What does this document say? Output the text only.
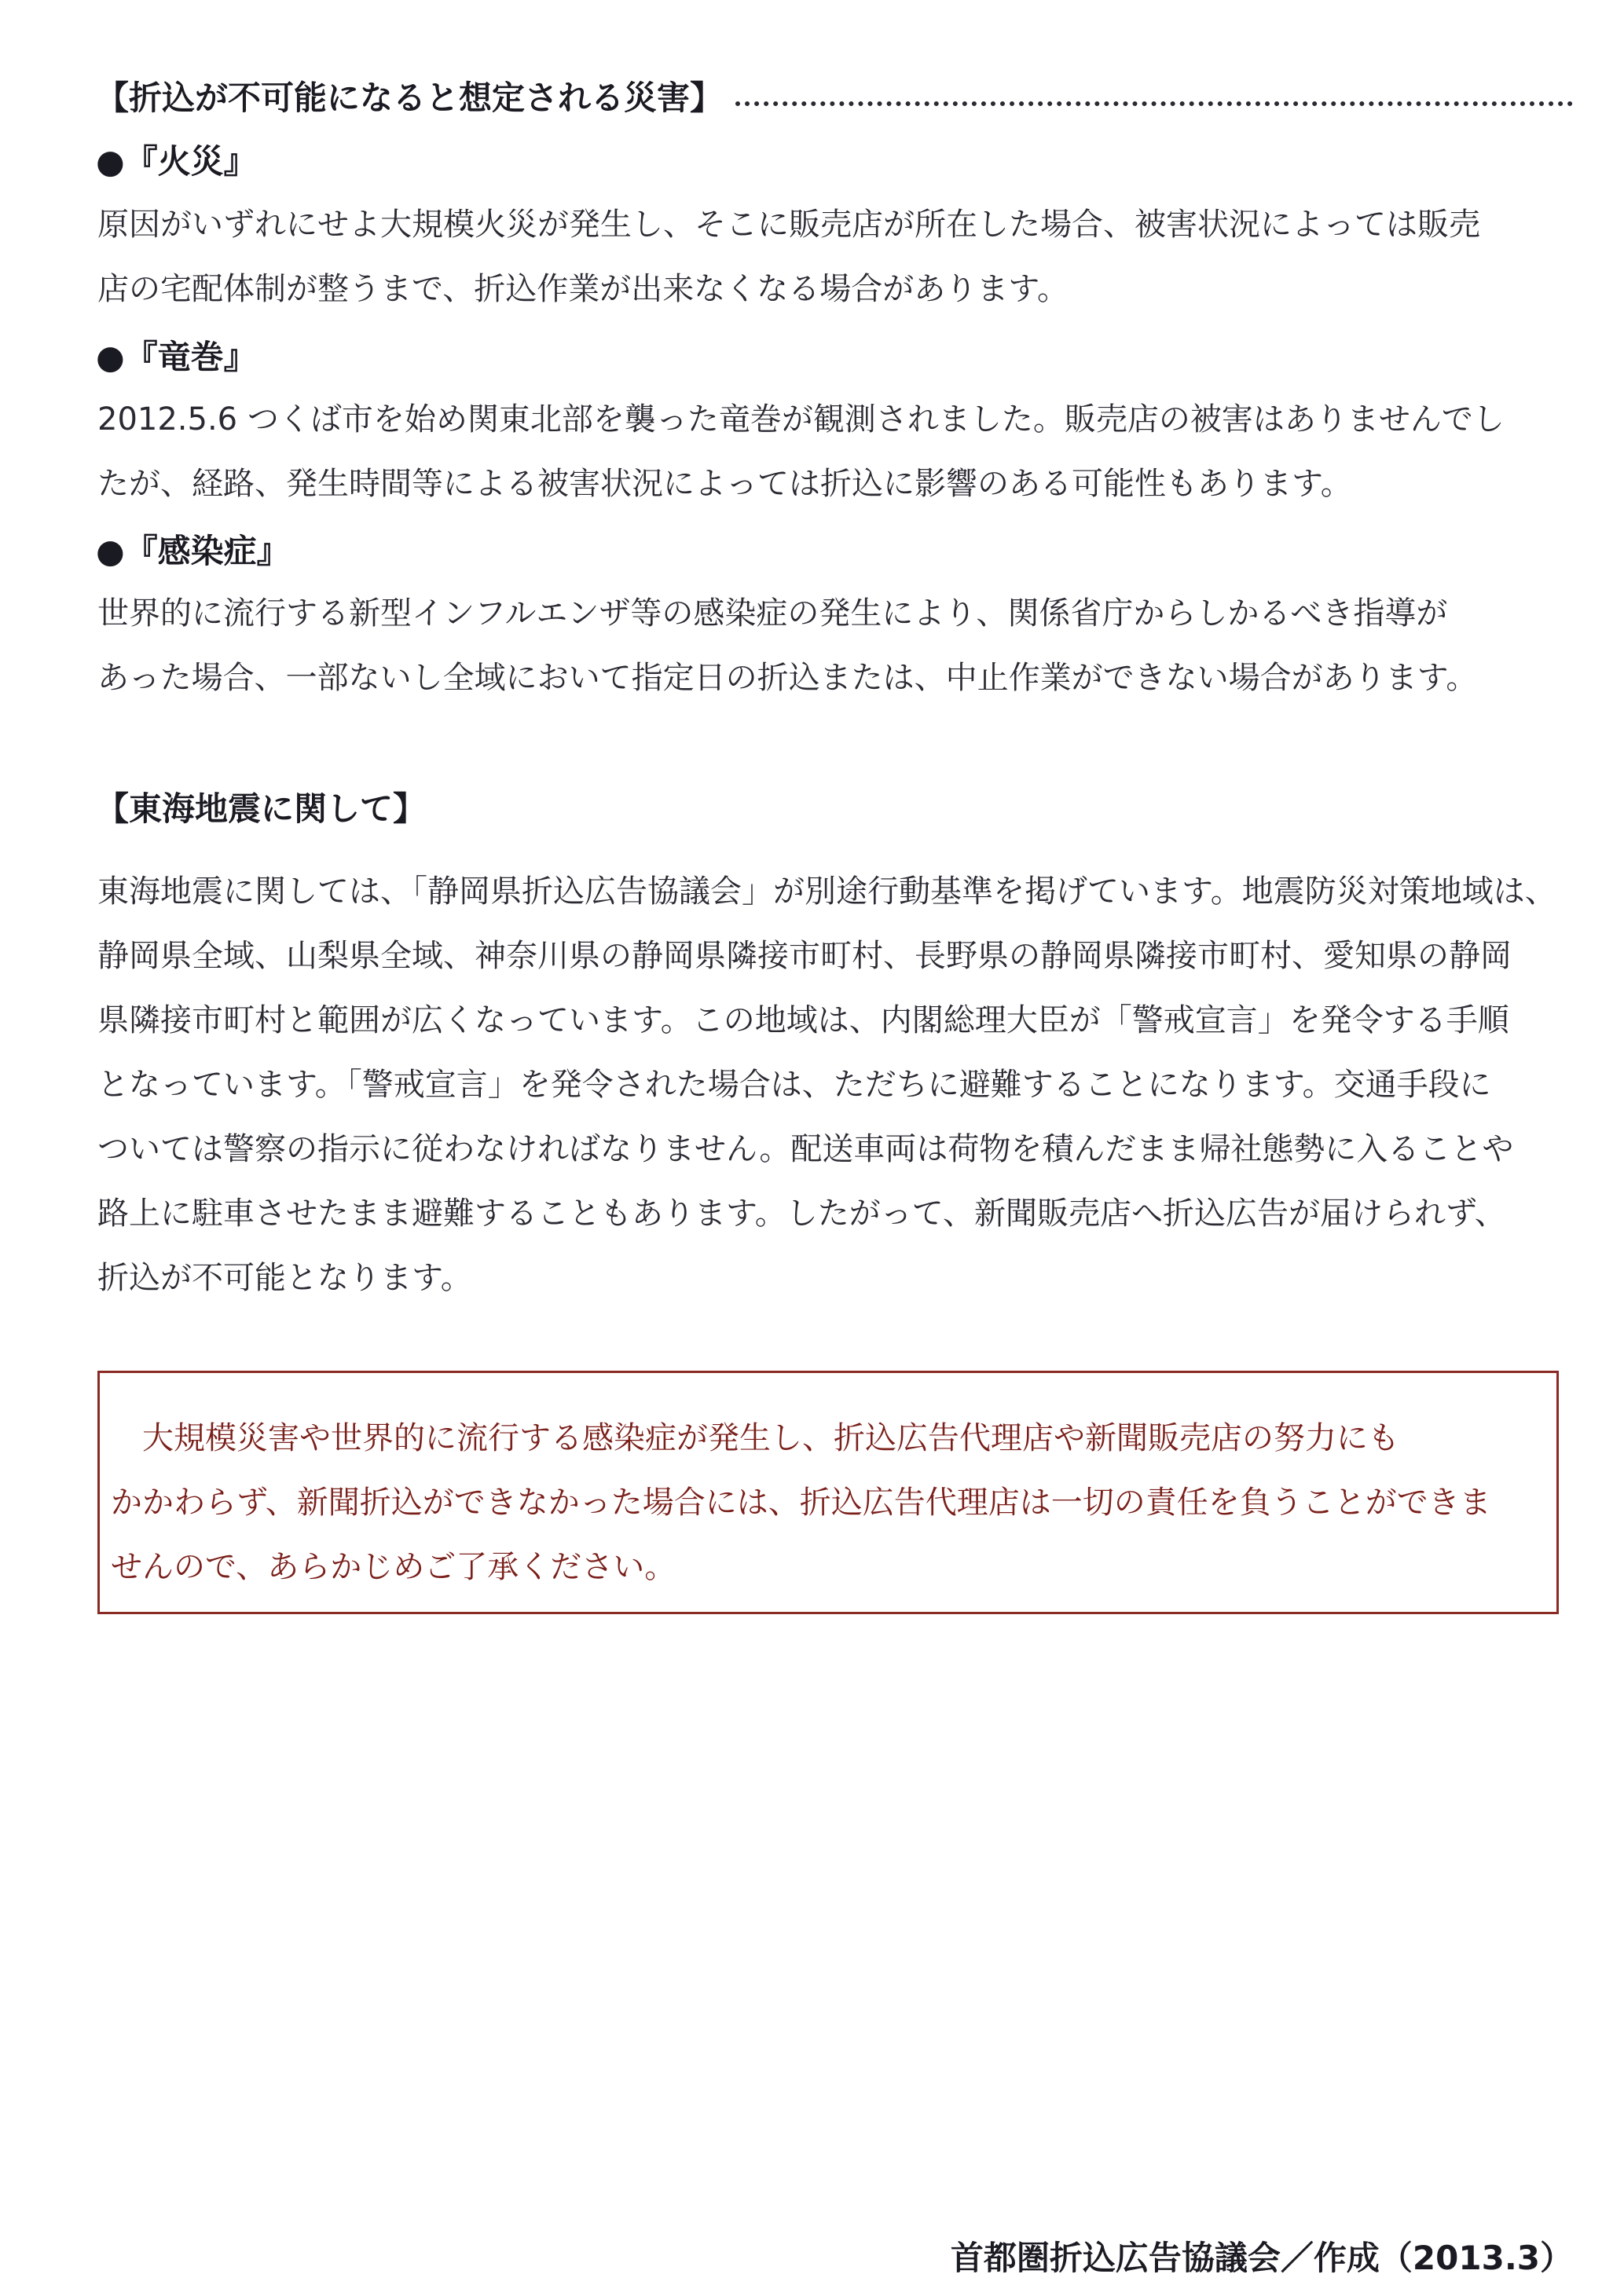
【折込が不可能になると想定される災害】
●『火災』
原因がいずれにせよ大規模火災が発生し、そこに販売店が所在した場合、被害状況によっては販売
店の宅配体制が整うまで、折込作業が出来なくなる場合があります。
●『竜巻』
2012.5.6 つくば市を始め関東北部を襲った竜巻が観測されました。販売店の被害はありませんでし
たが、経路、発生時間等による被害状況によっては折込に影響のある可能性もあります。
●『感染症』
世界的に流行する新型インフルエンザ等の感染症の発生により、関係省庁からしかるべき指導が
あった場合、一部ないし全域において指定日の折込または、中止作業ができない場合があります。
【東海地震に関して】
東海地震に関しては、「静岡県折込広告協議会」が別途行動基準を掲げています。地震防災対策地域は、
静岡県全域、山梨県全域、神奈川県の静岡県隣接市町村、長野県の静岡県隣接市町村、愛知県の静岡
県隣接市町村と範囲が広くなっています。この地域は、内閣総理大臣が「警戒宣言」を発令する手順
となっています。「警戒宣言」を発令された場合は、ただちに避難することになります。交通手段に
ついては警察の指示に従わなければなりません。配送車両は荷物を積んだまま帰社態勢に入ることや
路上に駐車させたまま避難することもあります。したがって、新聞販売店へ折込広告が届けられず、
折込が不可能となります。
　大規模災害や世界的に流行する感染症が発生し、折込広告代理店や新聞販売店の努力にも
かかわらず、新聞折込ができなかった場合には、折込広告代理店は一切の責任を負うことができま
せんので、あらかじめご了承ください。
首都圏折込広告協議会／作成（2013.3）
